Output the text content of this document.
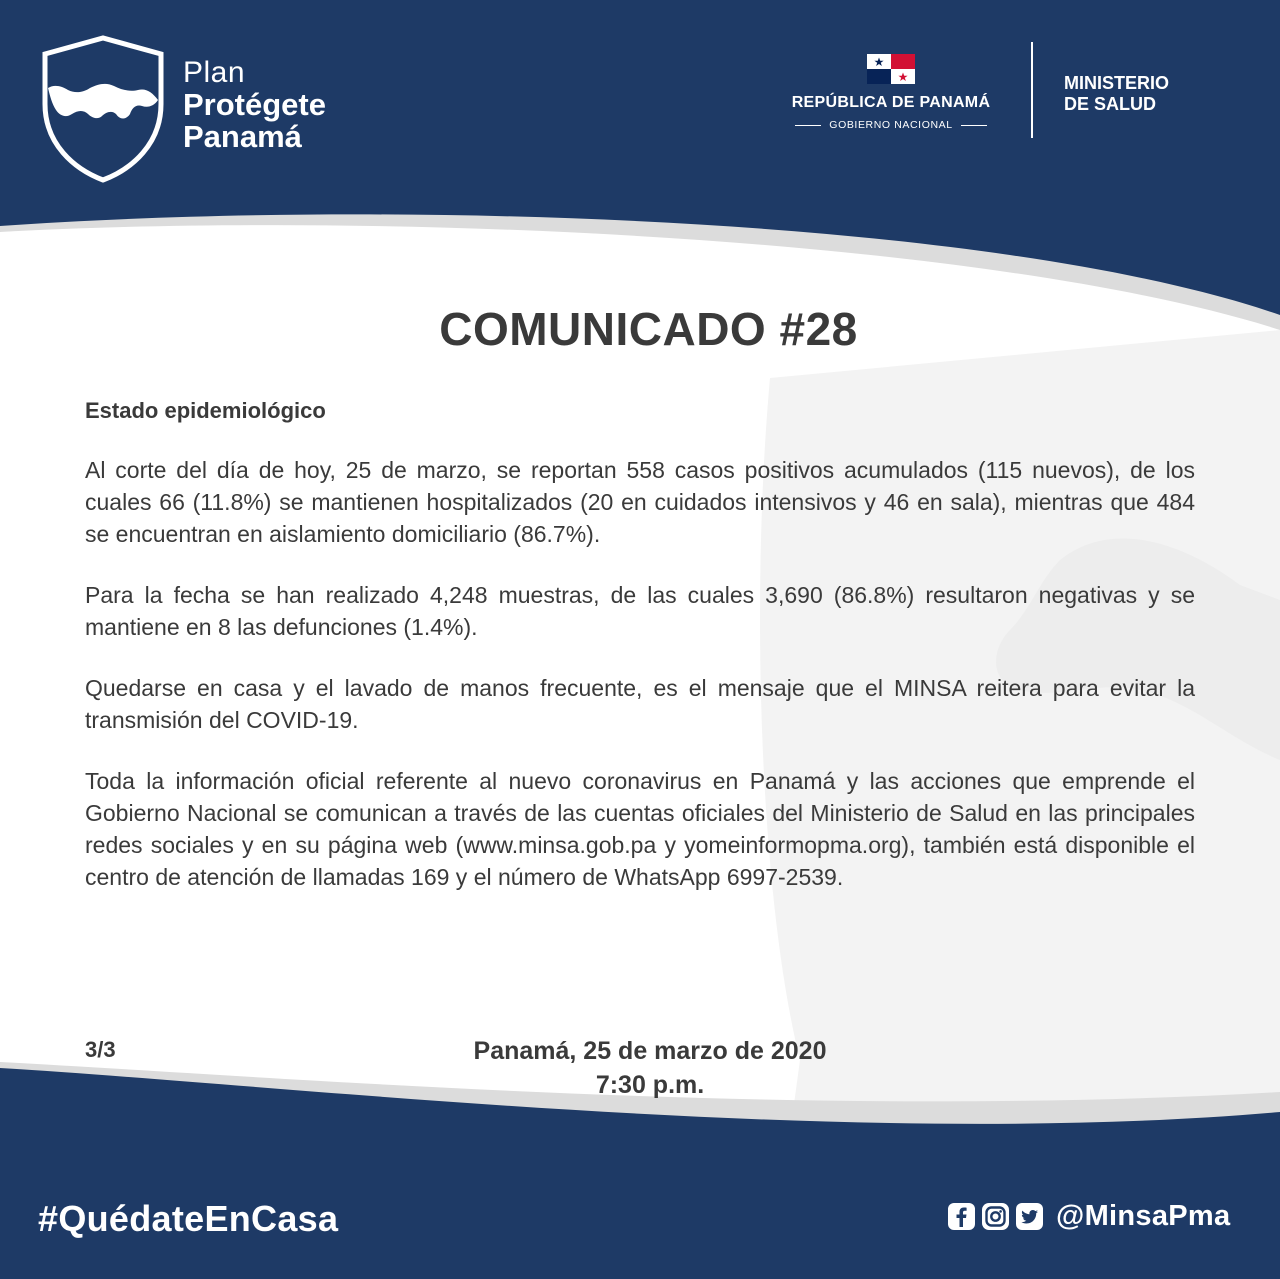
Plan
Protégete
Panamá
REPÚBLICA DE PANAMÁ
GOBIERNO NACIONAL
MINISTERIO
DE SALUD
COMUNICADO #28
Estado epidemiológico

Al corte del día de hoy, 25 de marzo, se reportan 558 casos positivos acumulados (115 nuevos), de los cuales 66 (11.8%) se mantienen hospitalizados (20 en cuidados intensivos y 46 en sala), mientras que 484 se encuentran en aislamiento domiciliario (86.7%).

Para la fecha se han realizado 4,248 muestras, de las cuales 3,690 (86.8%) resultaron negativas y se mantiene en 8 las defunciones (1.4%).

Quedarse en casa y el lavado de manos frecuente, es el mensaje que el MINSA reitera para evitar la transmisión del COVID-19.

Toda la información oficial referente al nuevo coronavirus en Panamá y las acciones que emprende el Gobierno Nacional se comunican a través de las cuentas oficiales del Ministerio de Salud en las principales redes sociales y en su página web (www.minsa.gob.pa y yomeinformopma.org), también está disponible el centro de atención de llamadas 169 y el número de WhatsApp 6997-2539.

3/3	Panamá, 25 de marzo de 2020
7:30 p.m.
#QuédateEnCasa	@MinsaPma
